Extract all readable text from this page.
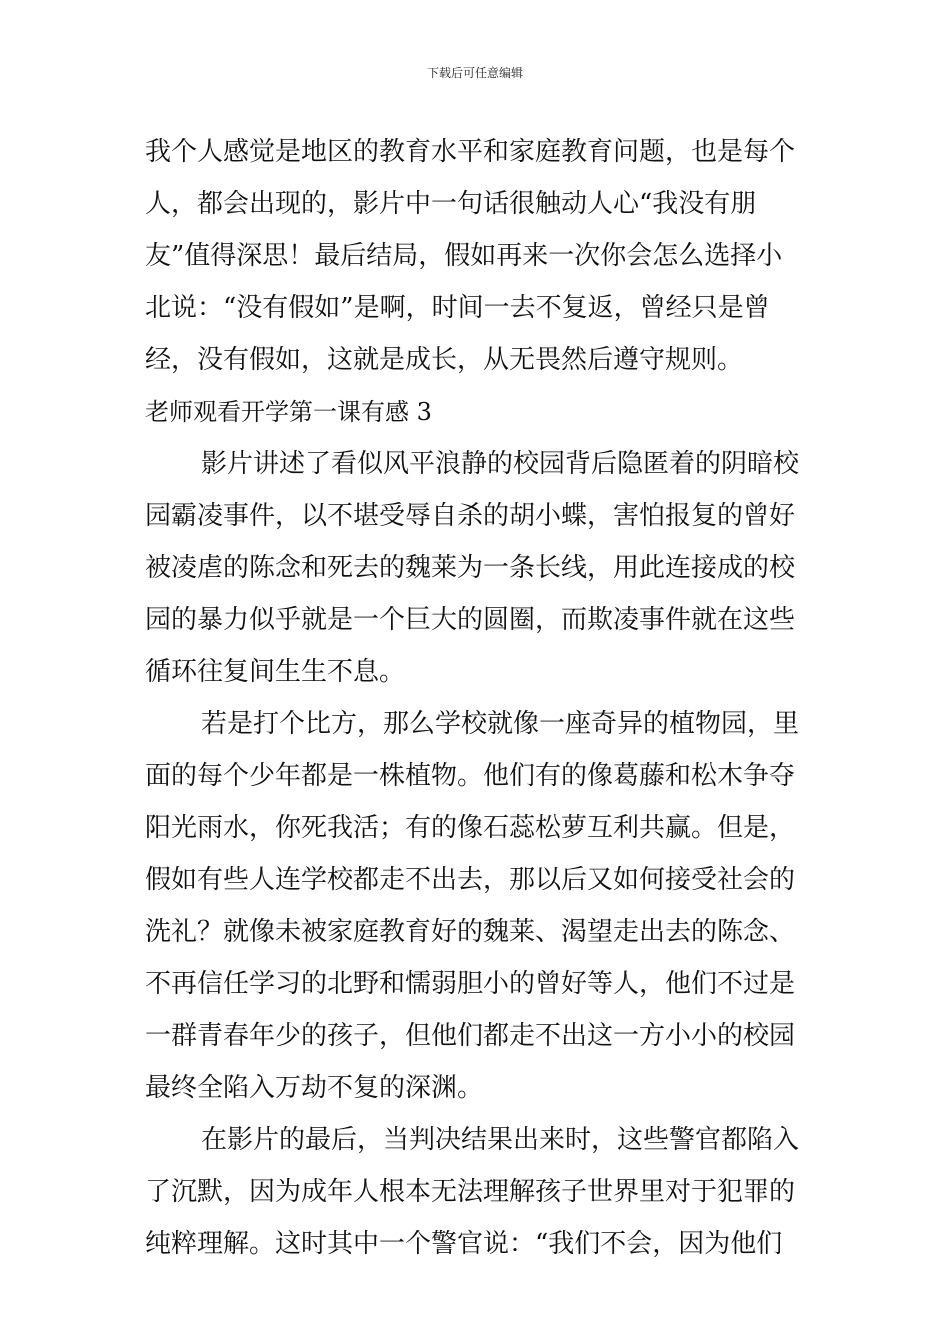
下载后可任意编辑
我个人感觉是地区的教育水平和家庭教育问题，也是每个
人，都会出现的，影片中一句话很触动人心“我没有朋
友”值得深思！最后结局，假如再来一次你会怎么选择小
北说：“没有假如”是啊，时间一去不复返，曾经只是曾
经，没有假如，这就是成长，从无畏然后遵守规则。
老师观看开学第一课有感 3
影片讲述了看似风平浪静的校园背后隐匿着的阴暗校
园霸凌事件，以不堪受辱自杀的胡小蝶，害怕报复的曾好
被凌虐的陈念和死去的魏莱为一条长线，用此连接成的校
园的暴力似乎就是一个巨大的圆圈，而欺凌事件就在这些
循环往复间生生不息。
若是打个比方，那么学校就像一座奇异的植物园，里
面的每个少年都是一株植物。他们有的像葛藤和松木争夺
阳光雨水，你死我活；有的像石蕊松萝互利共赢。但是，
假如有些人连学校都走不出去，那以后又如何接受社会的
洗礼？就像未被家庭教育好的魏莱、渴望走出去的陈念、
不再信任学习的北野和懦弱胆小的曾好等人，他们不过是
一群青春年少的孩子，但他们都走不出这一方小小的校园
最终全陷入万劫不复的深渊。
在影片的最后，当判决结果出来时，这些警官都陷入
了沉默，因为成年人根本无法理解孩子世界里对于犯罪的
纯粹理解。这时其中一个警官说：“我们不会，因为他们
